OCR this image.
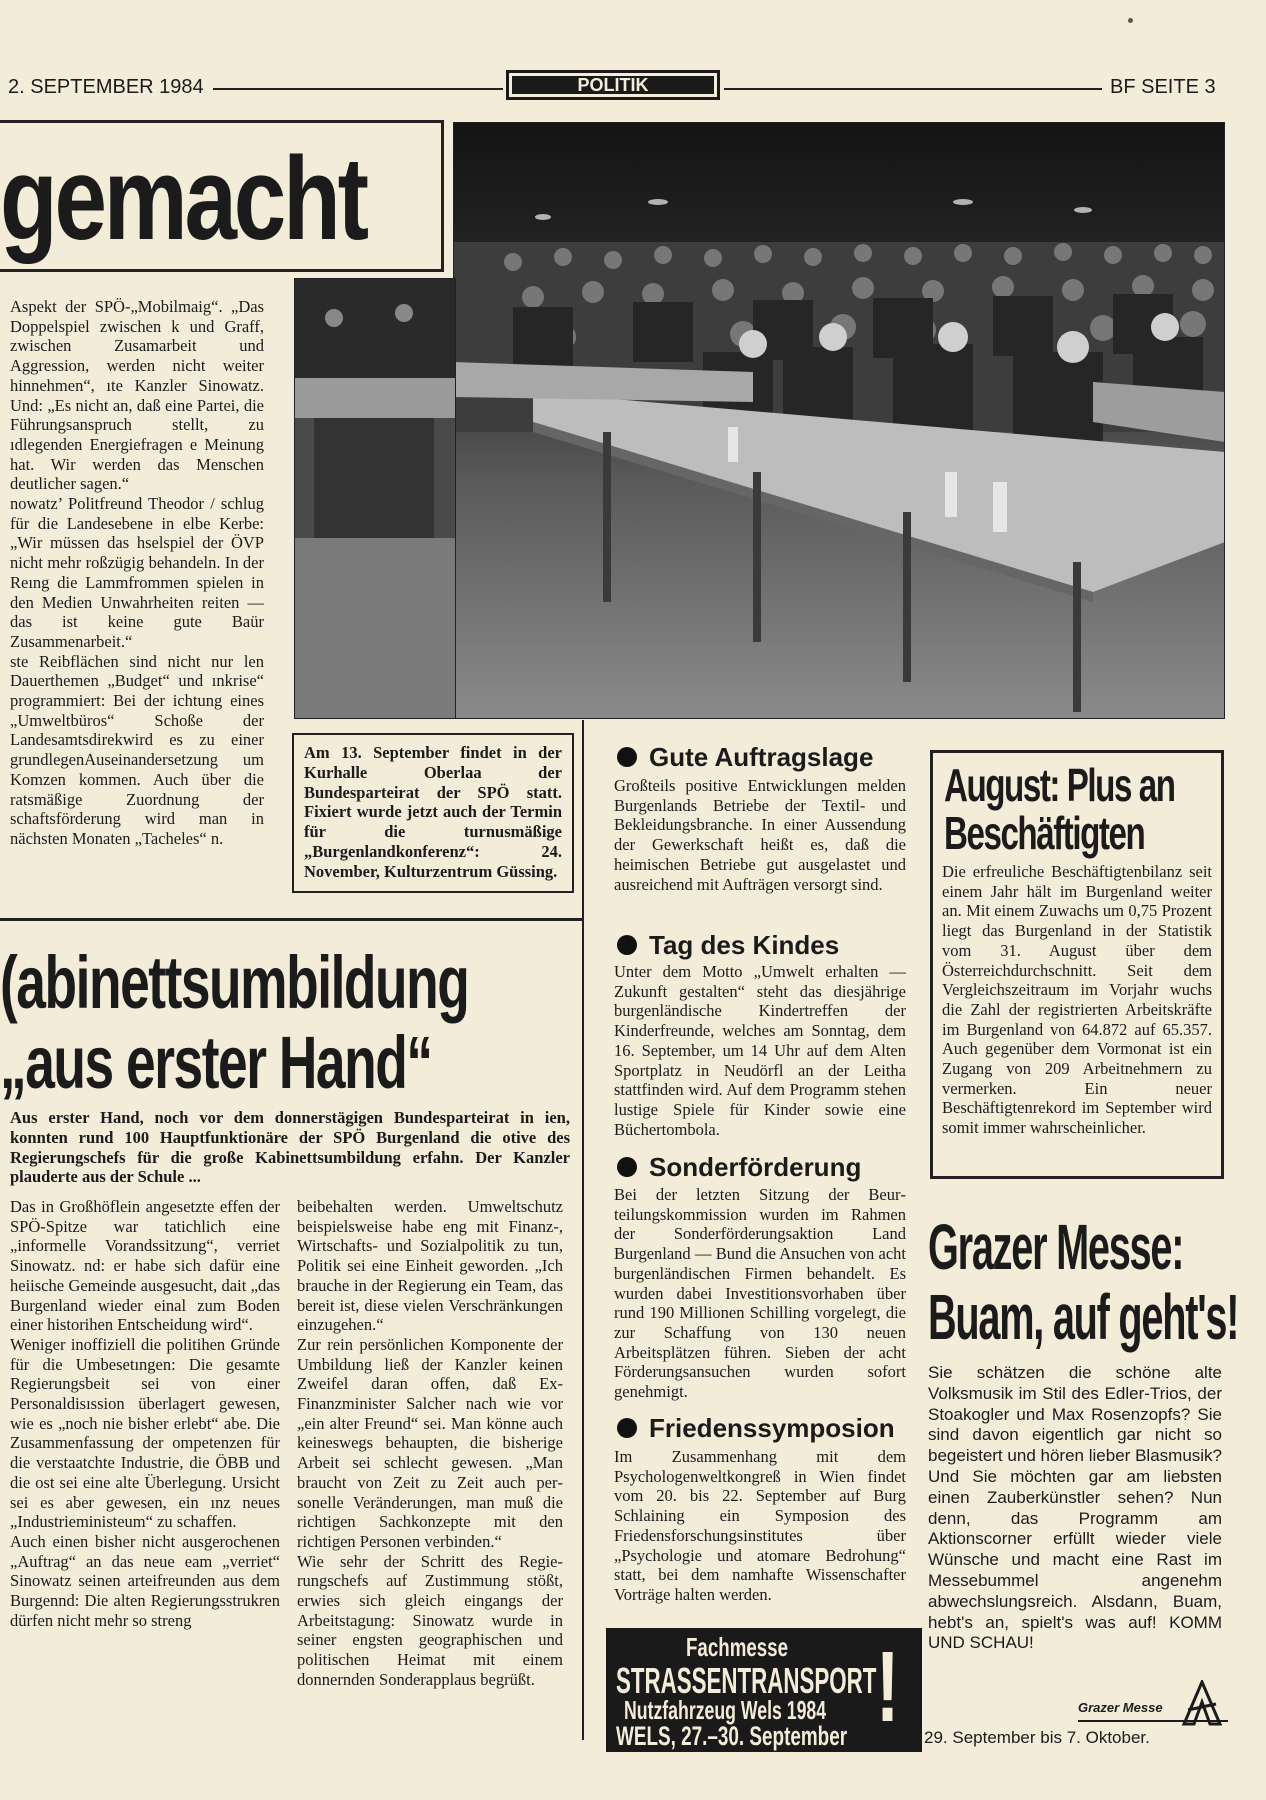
2. SEPTEMBER 1984	POLITIK	BF SEITE 3
gemacht

Aspekt der SPÖ-„Mobilmaig“. „Das Doppelspiel zwischen k und Graff, zwischen Zusamarbeit und Aggression, werden nicht weiter hinnehmen“, ıte Kanzler Sinowatz. Und: „Es nicht an, daß eine Partei, die Führungsanspruch stellt, zu ıdlegenden Energiefragen e Meinung hat. Wir werden das Menschen deutlicher sagen.“

nowatz’ Politfreund Theodor / schlug für die Landesebene in elbe Kerbe: „Wir müssen das hselspiel der ÖVP nicht mehr roßzügig behandeln. In der Reıng die Lammfrommen spielen in den Medien Unwahrheiten reiten — das ist keine gute Baür Zusammenarbeit.“

ste Reibflächen sind nicht nur len Dauerthemen „Budget“ und ınkrise“ programmiert: Bei der ichtung eines „Umweltbüros“ Schoße der Landesamtsdirekwird es zu einer grundlegenAuseinandersetzung um Komzen kommen. Auch über die ratsmäßige Zuordnung der schaftsförderung wird man in nächsten Monaten „Tacheles“ n.

Am 13. September findet in der Kurhalle Oberlaa der Bundesparteirat der SPÖ statt. Fixiert wurde jetzt auch der Termin für die turnusmäßige „Burgenlandkonferenz“: 24. November, Kulturzentrum Güssing.
(abinettsumbildung
„aus erster Hand“
Aus erster Hand, noch vor dem donnerstägigen Bundesparteirat in ien, konnten rund 100 Hauptfunktionäre der SPÖ Burgenland die otive des Regierungschefs für die große Kabinettsumbildung erfahn. Der Kanzler plauderte aus der Schule ...

Das in Großhöflein angesetzte effen der SPÖ-Spitze war tatichlich eine „informelle Vorandssitzung“, verriet Sinowatz. nd: er habe sich dafür eine heiische Gemeinde ausgesucht, dait „das Burgenland wieder einal zum Boden einer historihen Entscheidung wird“.

Weniger inoffiziell die politihen Gründe für die Umbesetıngen: Die gesamte Regierungsbeit sei von einer Personaldisıssion überlagert gewesen, wie es „noch nie bisher erlebt“ abe. Die Zusammenfassung der ompetenzen für die verstaatchte Industrie, die ÖBB und die ost sei eine alte Überlegung. Ursicht sei es aber gewesen, ein ınz neues „Industrieministeum“ zu schaffen.

Auch einen bisher nicht ausgerochenen „Auftrag“ an das neue eam „verriet“ Sinowatz seinen arteifreunden aus dem Burgennd: Die alten Regierungsstrukren dürfen nicht mehr so streng

beibehalten werden. Umweltschutz beispielsweise habe eng mit Finanz-, Wirtschafts- und Sozialpolitik zu tun, Politik sei eine Einheit geworden. „Ich brauche in der Regierung ein Team, das bereit ist, diese vielen Verschränkungen einzugehen.“

Zur rein persönlichen Komponente der Umbildung ließ der Kanzler keinen Zweifel daran offen, daß Ex-Finanzminister Salcher nach wie vor „ein alter Freund“ sei. Man könne auch keineswegs behaupten, die bisherige Arbeit sei schlecht gewesen. „Man braucht von Zeit zu Zeit auch personelle Veränderungen, man muß die richtigen Sachkonzepte mit den richtigen Personen verbinden.“

Wie sehr der Schritt des Regierungschefs auf Zustimmung stößt, erwies sich gleich eingangs der Arbeitstagung: Sinowatz wurde in seiner engsten geographischen und politischen Heimat mit einem donnernden Sonderapplaus begrüßt.

Gute Auftragslage
Großteils positive Entwicklungen melden Burgenlands Betriebe der Textil- und Bekleidungsbranche. In einer Aussendung der Gewerkschaft heißt es, daß die heimischen Betriebe gut ausgelastet und ausreichend mit Aufträgen versorgt sind.
Tag des Kindes
Unter dem Motto „Umwelt erhalten — Zukunft gestalten“ steht das diesjährige burgenländische Kindertreffen der Kinderfreunde, welches am Sonntag, dem 16. September, um 14 Uhr auf dem Alten Sportplatz in Neudörfl an der Leitha stattfinden wird. Auf dem Programm stehen lustige Spiele für Kinder sowie eine Büchertombola.
Sonderförderung
Bei der letzten Sitzung der Beurteilungskommission wurden im Rahmen der Sonderförderungsaktion Land Burgenland — Bund die Ansuchen von acht burgenländischen Firmen behandelt. Es wurden dabei Investitionsvorhaben über rund 190 Millionen Schilling vorgelegt, die zur Schaffung von 130 neuen Arbeitsplätzen führen. Sieben der acht Förderungsansuchen wurden sofort genehmigt.
Friedenssymposion
Im Zusammenhang mit dem Psychologenweltkongreß in Wien findet vom 20. bis 22. September auf Burg Schlaining ein Symposion des Friedensforschungsinstitutes über „Psychologie und atomare Bedrohung“ statt, bei dem namhafte Wissenschafter Vorträge halten werden.
Fachmesse
STRASSENTRANSPORT
Nutzfahrzeug Wels 1984
WELS, 27.–30. September !
August: Plus an
Beschäftigten
Die erfreuliche Beschäftigtenbilanz seit einem Jahr hält im Burgenland weiter an. Mit einem Zuwachs um 0,75 Prozent liegt das Burgenland in der Statistik vom 31. August über dem Österreichdurchschnitt. Seit dem Vergleichszeitraum im Vorjahr wuchs die Zahl der registrierten Arbeitskräfte im Burgenland von 64.872 auf 65.357. Auch gegenüber dem Vormonat ist ein Zugang von 209 Arbeitnehmern zu vermerken. Ein neuer Beschäftigtenrekord im September wird somit immer wahrscheinlicher.
Grazer Messe:
Buam, auf geht's!
Sie schätzen die schöne alte Volksmusik im Stil des Edler-Trios, der Stoakogler und Max Rosenzopfs? Sie sind davon eigentlich gar nicht so begeistert und hören lieber Blasmusik? Und Sie möchten gar am liebsten einen Zauberkünstler sehen? Nun denn, das Programm am Aktionscorner erfüllt wieder viele Wünsche und macht eine Rast im Messebummel angenehm abwechslungsreich. Alsdann, Buam, hebt's an, spielt's was auf! KOMM UND SCHAU!
Grazer Messe
29. September bis 7. Oktober.
